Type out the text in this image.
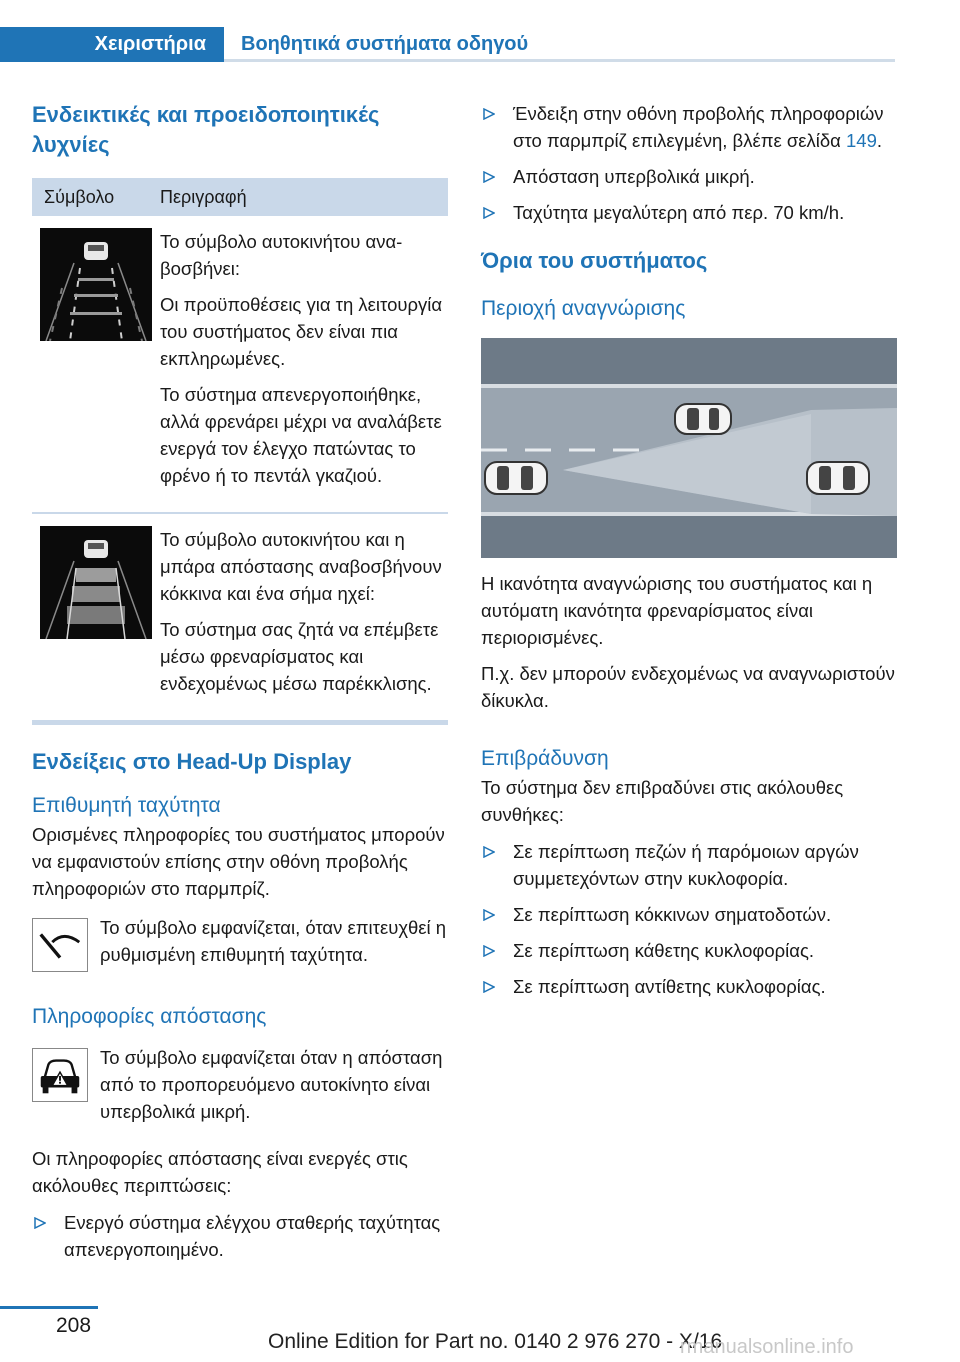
Χειριστήρια	Βοηθητικά συστήματα οδηγού
Ενδεικτικές και προειδοποιητικές λυχνίες
Σύμβολο	Περιγραφή

Το σύμβολο αυτοκινήτου αναβοσβήνει:

Οι προϋποθέσεις για τη λειτουργία του συστήματος δεν είναι πια εκπληρωμένες.

Το σύστημα απενεργοποιήθηκε, αλλά φρενάρει μέχρι να αναλάβετε ενεργά τον έλεγχο πατώντας το φρένο ή το πεντάλ γκαζιού.

Το σύμβολο αυτοκινήτου και η μπάρα απόστασης αναβοσβήνουν κόκκινα και ένα σήμα ηχεί:

Το σύστημα σας ζητά να επέμβετε μέσω φρεναρίσματος και ενδεχομένως μέσω παρέκκλισης.

Ενδείξεις στο Head-Up Display
Επιθυμητή ταχύτητα

Ορισμένες πληροφορίες του συστήματος μπορούν να εμφανιστούν επίσης στην οθόνη προβολής πληροφοριών στο παρμπρίζ.

Το σύμβολο εμφανίζεται, όταν επιτευχθεί η ρυθμισμένη επιθυμητή ταχύτητα.
Πληροφορίες απόστασης
Το σύμβολο εμφανίζεται όταν η απόσταση από το προπορευόμενο αυτοκίνητο είναι υπερβολικά μικρή.

Οι πληροφορίες απόστασης είναι ενεργές στις ακόλουθες περιπτώσεις:

Ενεργό σύστημα ελέγχου σταθερής ταχύτητας απενεργοποιημένο.
Ένδειξη στην οθόνη προβολής πληροφοριών στο παρμπρίζ επιλεγμένη, βλέπε σελίδα 149.
Απόσταση υπερβολικά μικρή.
Ταχύτητα μεγαλύτερη από περ. 70 km/h.
Όρια του συστήματος
Περιοχή αναγνώρισης

Η ικανότητα αναγνώρισης του συστήματος και η αυτόματη ικανότητα φρεναρίσματος είναι περιορισμένες.

Π.χ. δεν μπορούν ενδεχομένως να αναγνωριστούν δίκυκλα.

Επιβράδυνση

Το σύστημα δεν επιβραδύνει στις ακόλουθες συνθήκες:

Σε περίπτωση πεζών ή παρόμοιων αργών συμμετεχόντων στην κυκλοφορία.
Σε περίπτωση κόκκινων σηματοδοτών.
Σε περίπτωση κάθετης κυκλοφορίας.
Σε περίπτωση αντίθετης κυκλοφορίας.
208
Online Edition for Part no. 0140 2 976 270 - X/16
rmanualsonline.info
